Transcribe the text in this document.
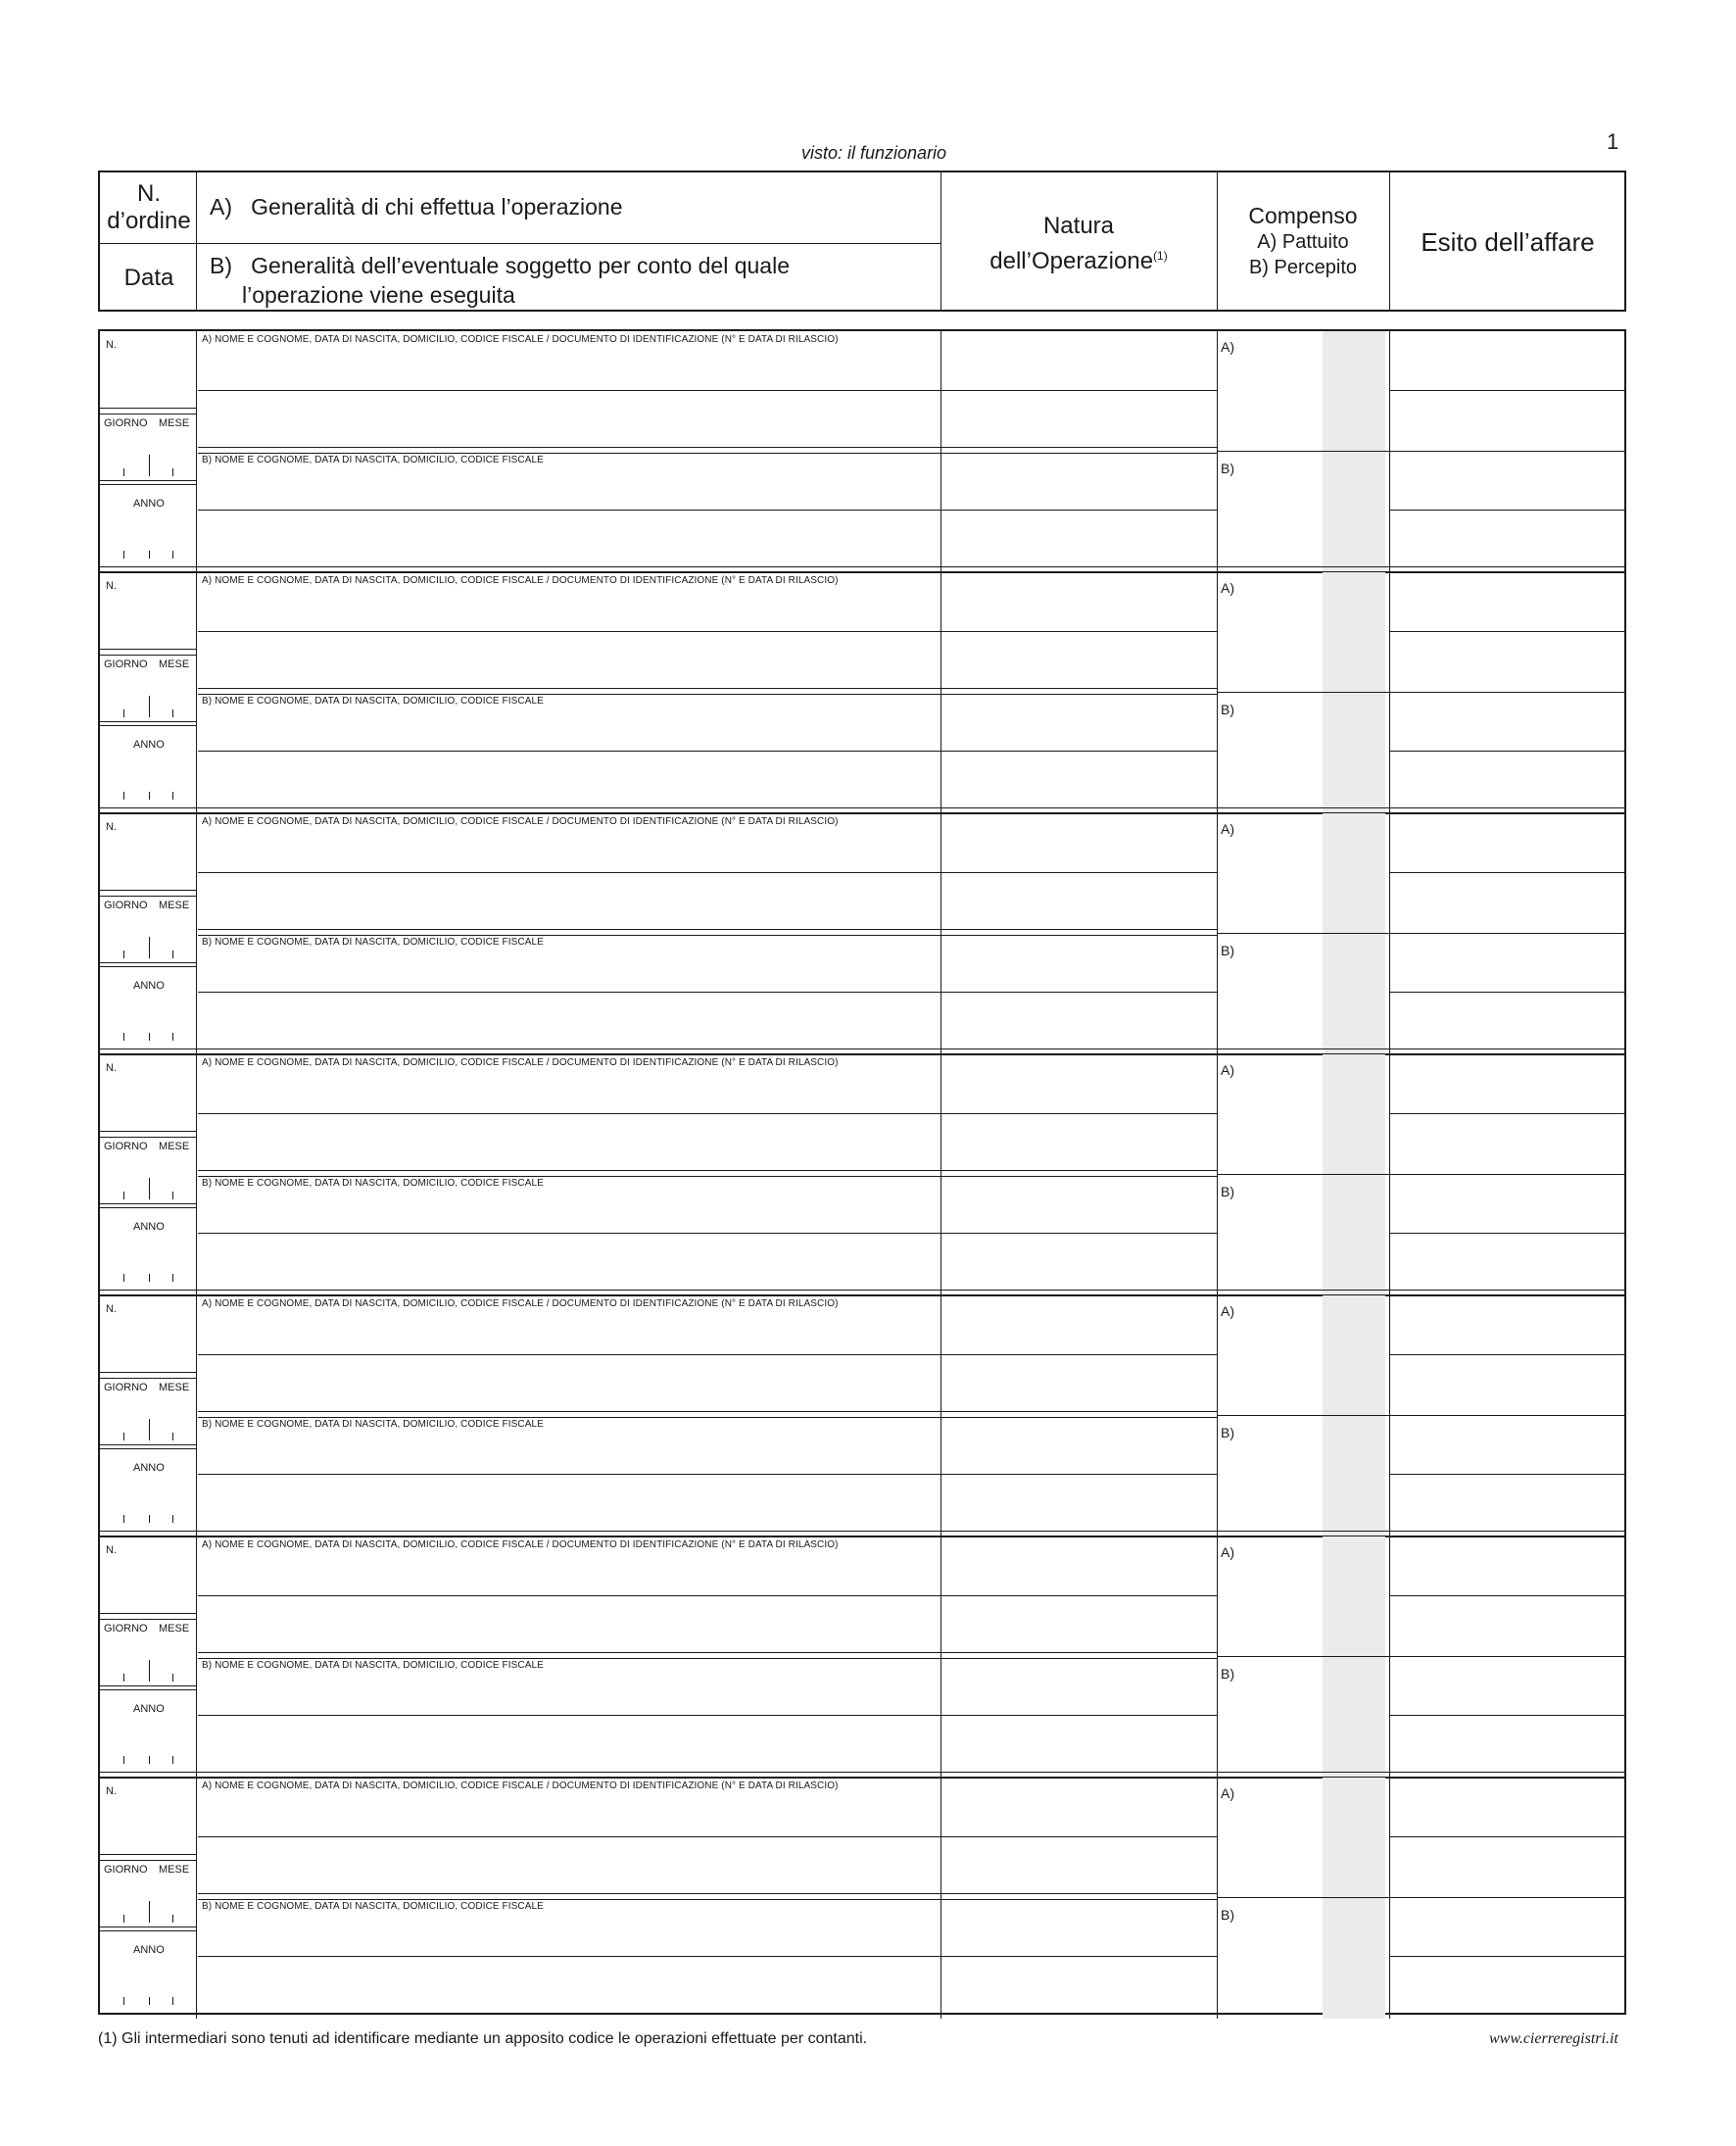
1
visto: il funzionario
N.
d’ordine
Data
A) Generalità di chi effettua l’operazione
B) Generalità dell’eventuale soggetto per conto del quale
l’operazione viene eseguita
Natura
dell’Operazione$^{(1)}$
Compenso
A) Pattuito
B) Percepito
Esito dell’affare
N.
GIORNO MESE
ANNO
A) NOME E COGNOME, DATA DI NASCITA, DOMICILIO, CODICE FISCALE / DOCUMENTO DI IDENTIFICAZIONE (N° E DATA DI RILASCIO)
B) NOME E COGNOME, DATA DI NASCITA, DOMICILIO, CODICE FISCALE
A)
B)
N.
GIORNO MESE
ANNO
A) NOME E COGNOME, DATA DI NASCITA, DOMICILIO, CODICE FISCALE / DOCUMENTO DI IDENTIFICAZIONE (N° E DATA DI RILASCIO)
B) NOME E COGNOME, DATA DI NASCITA, DOMICILIO, CODICE FISCALE
A)
B)
N.
GIORNO MESE
ANNO
A) NOME E COGNOME, DATA DI NASCITA, DOMICILIO, CODICE FISCALE / DOCUMENTO DI IDENTIFICAZIONE (N° E DATA DI RILASCIO)
B) NOME E COGNOME, DATA DI NASCITA, DOMICILIO, CODICE FISCALE
A)
B)
N.
GIORNO MESE
ANNO
A) NOME E COGNOME, DATA DI NASCITA, DOMICILIO, CODICE FISCALE / DOCUMENTO DI IDENTIFICAZIONE (N° E DATA DI RILASCIO)
B) NOME E COGNOME, DATA DI NASCITA, DOMICILIO, CODICE FISCALE
A)
B)
N.
GIORNO MESE
ANNO
A) NOME E COGNOME, DATA DI NASCITA, DOMICILIO, CODICE FISCALE / DOCUMENTO DI IDENTIFICAZIONE (N° E DATA DI RILASCIO)
B) NOME E COGNOME, DATA DI NASCITA, DOMICILIO, CODICE FISCALE
A)
B)
N.
GIORNO MESE
ANNO
A) NOME E COGNOME, DATA DI NASCITA, DOMICILIO, CODICE FISCALE / DOCUMENTO DI IDENTIFICAZIONE (N° E DATA DI RILASCIO)
B) NOME E COGNOME, DATA DI NASCITA, DOMICILIO, CODICE FISCALE
A)
B)
N.
GIORNO MESE
ANNO
A) NOME E COGNOME, DATA DI NASCITA, DOMICILIO, CODICE FISCALE / DOCUMENTO DI IDENTIFICAZIONE (N° E DATA DI RILASCIO)
B) NOME E COGNOME, DATA DI NASCITA, DOMICILIO, CODICE FISCALE
A)
B)
(1) Gli intermediari sono tenuti ad identificare mediante un apposito codice le operazioni effettuate per contanti.	www.cierreregistri.it
